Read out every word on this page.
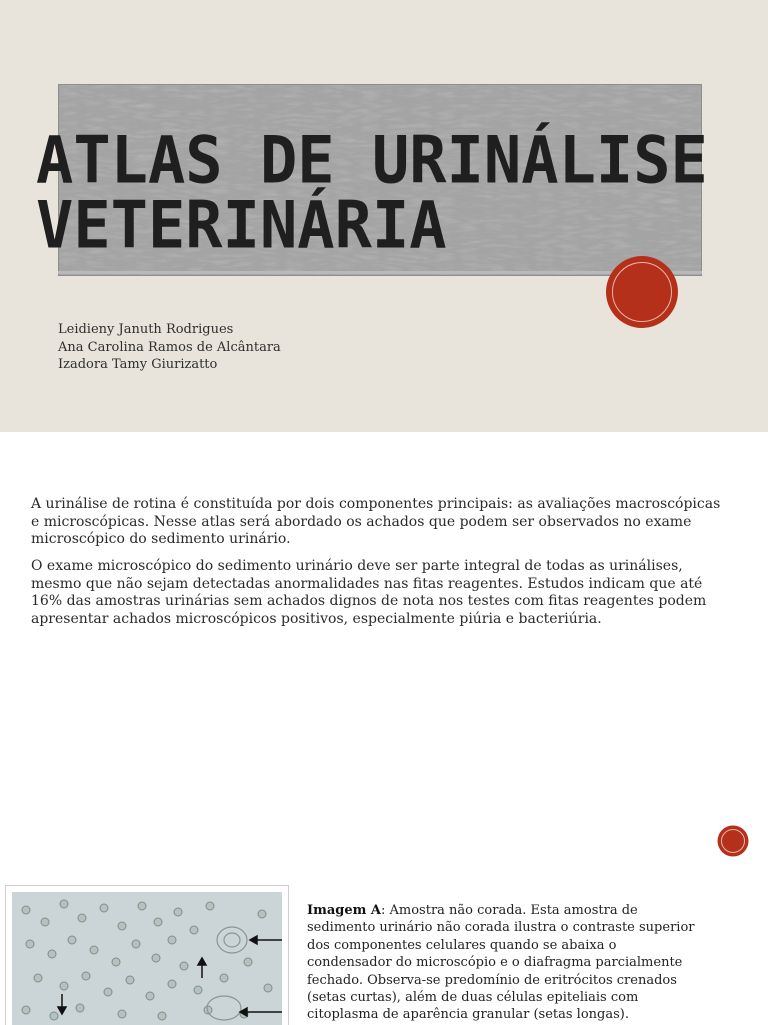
ATLAS DE URINÁLISE
VETERINÁRIA
Leidieny Januth Rodrigues
Ana Carolina Ramos de Alcântara
Izadora Tamy Giurizatto

A urinálise de rotina é constituída por dois componentes principais: as avaliações macroscópicas e microscópicas. Nesse atlas será abordado os achados que podem ser observados no exame microscópico do sedimento urinário.

O exame microscópico do sedimento urinário deve ser parte integral de todas as urinálises, mesmo que não sejam detectadas anormalidades nas fitas reagentes. Estudos indicam que até 16% das amostras urinárias sem achados dignos de nota nos testes com fitas reagentes podem apresentar achados microscópicos positivos, especialmente piúria e bacteriúria.

Imagem A: Amostra não corada. Esta amostra de sedimento urinário não corada ilustra o contraste superior dos componentes celulares quando se abaixa o condensador do microscópio e o diafragma parcialmente fechado. Observa-se predomínio de eritrócitos crenados (setas curtas), além de duas células epiteliais com citoplasma de aparência granular (setas longas).
